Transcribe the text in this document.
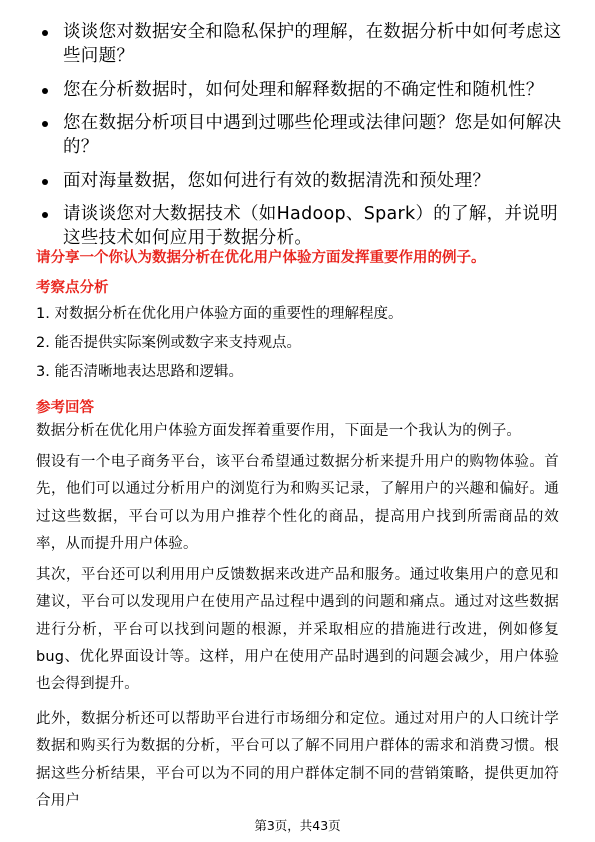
谈谈您对数据安全和隐私保护的理解，在数据分析中如何考虑这些问题？
您在分析数据时，如何处理和解释数据的不确定性和随机性？
您在数据分析项目中遇到过哪些伦理或法律问题？您是如何解决的？
面对海量数据，您如何进行有效的数据清洗和预处理？
请谈谈您对大数据技术（如Hadoop、Spark）的了解，并说明这些技术如何应用于数据分析。
请分享一个你认为数据分析在优化用户体验方面发挥重要作用的例子。
考察点分析
1. 对数据分析在优化用户体验方面的重要性的理解程度。
2. 能否提供实际案例或数字来支持观点。
3. 能否清晰地表达思路和逻辑。
参考回答

数据分析在优化用户体验方面发挥着重要作用，下面是一个我认为的例子。

假设有一个电子商务平台，该平台希望通过数据分析来提升用户的购物体验。首先，他们可以通过分析用户的浏览行为和购买记录，了解用户的兴趣和偏好。通过这些数据，平台可以为用户推荐个性化的商品，提高用户找到所需商品的效率，从而提升用户体验。

其次，平台还可以利用用户反馈数据来改进产品和服务。通过收集用户的意见和建议，平台可以发现用户在使用产品过程中遇到的问题和痛点。通过对这些数据进行分析，平台可以找到问题的根源，并采取相应的措施进行改进，例如修复bug、优化界面设计等。这样，用户在使用产品时遇到的问题会减少，用户体验也会得到提升。

此外，数据分析还可以帮助平台进行市场细分和定位。通过对用户的人口统计学数据和购买行为数据的分析，平台可以了解不同用户群体的需求和消费习惯。根据这些分析结果，平台可以为不同的用户群体定制不同的营销策略，提供更加符合用户

第3页，共43页
